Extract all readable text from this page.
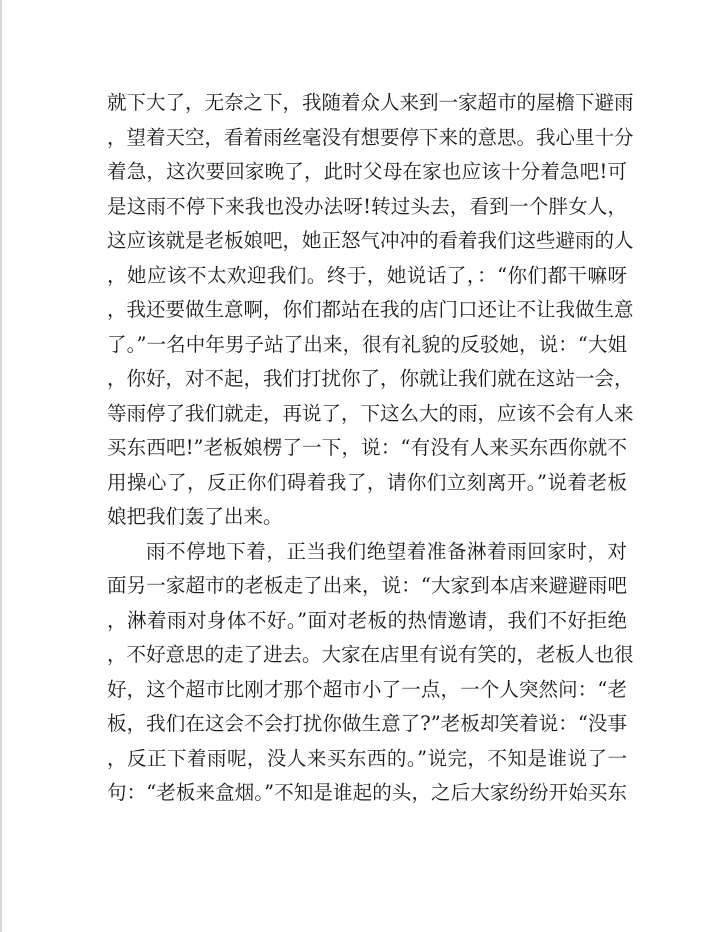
就下大了，无奈之下，我随着众人来到一家超市的屋檐下避雨
，望着天空，看着雨丝毫没有想要停下来的意思。我心里十分
着急，这次要回家晚了，此时父母在家也应该十分着急吧!可
是这雨不停下来我也没办法呀!转过头去，看到一个胖女人，
这应该就是老板娘吧，她正怒气冲冲的看着我们这些避雨的人
，她应该不太欢迎我们。终于，她说话了，：“你们都干嘛呀
，我还要做生意啊，你们都站在我的店门口还让不让我做生意
了。”一名中年男子站了出来，很有礼貌的反驳她，说：“大姐
，你好，对不起，我们打扰你了，你就让我们就在这站一会，
等雨停了我们就走，再说了，下这么大的雨，应该不会有人来
买东西吧!”老板娘楞了一下，说：“有没有人来买东西你就不
用操心了，反正你们碍着我了，请你们立刻离开。”说着老板
娘把我们轰了出来。
雨不停地下着，正当我们绝望着准备淋着雨回家时，对
面另一家超市的老板走了出来，说：“大家到本店来避避雨吧
，淋着雨对身体不好。”面对老板的热情邀请，我们不好拒绝
，不好意思的走了进去。大家在店里有说有笑的，老板人也很
好，这个超市比刚才那个超市小了一点，一个人突然问：“老
板，我们在这会不会打扰你做生意了?”老板却笑着说：“没事
，反正下着雨呢，没人来买东西的。”说完，不知是谁说了一
句：“老板来盒烟。”不知是谁起的头，之后大家纷纷开始买东
